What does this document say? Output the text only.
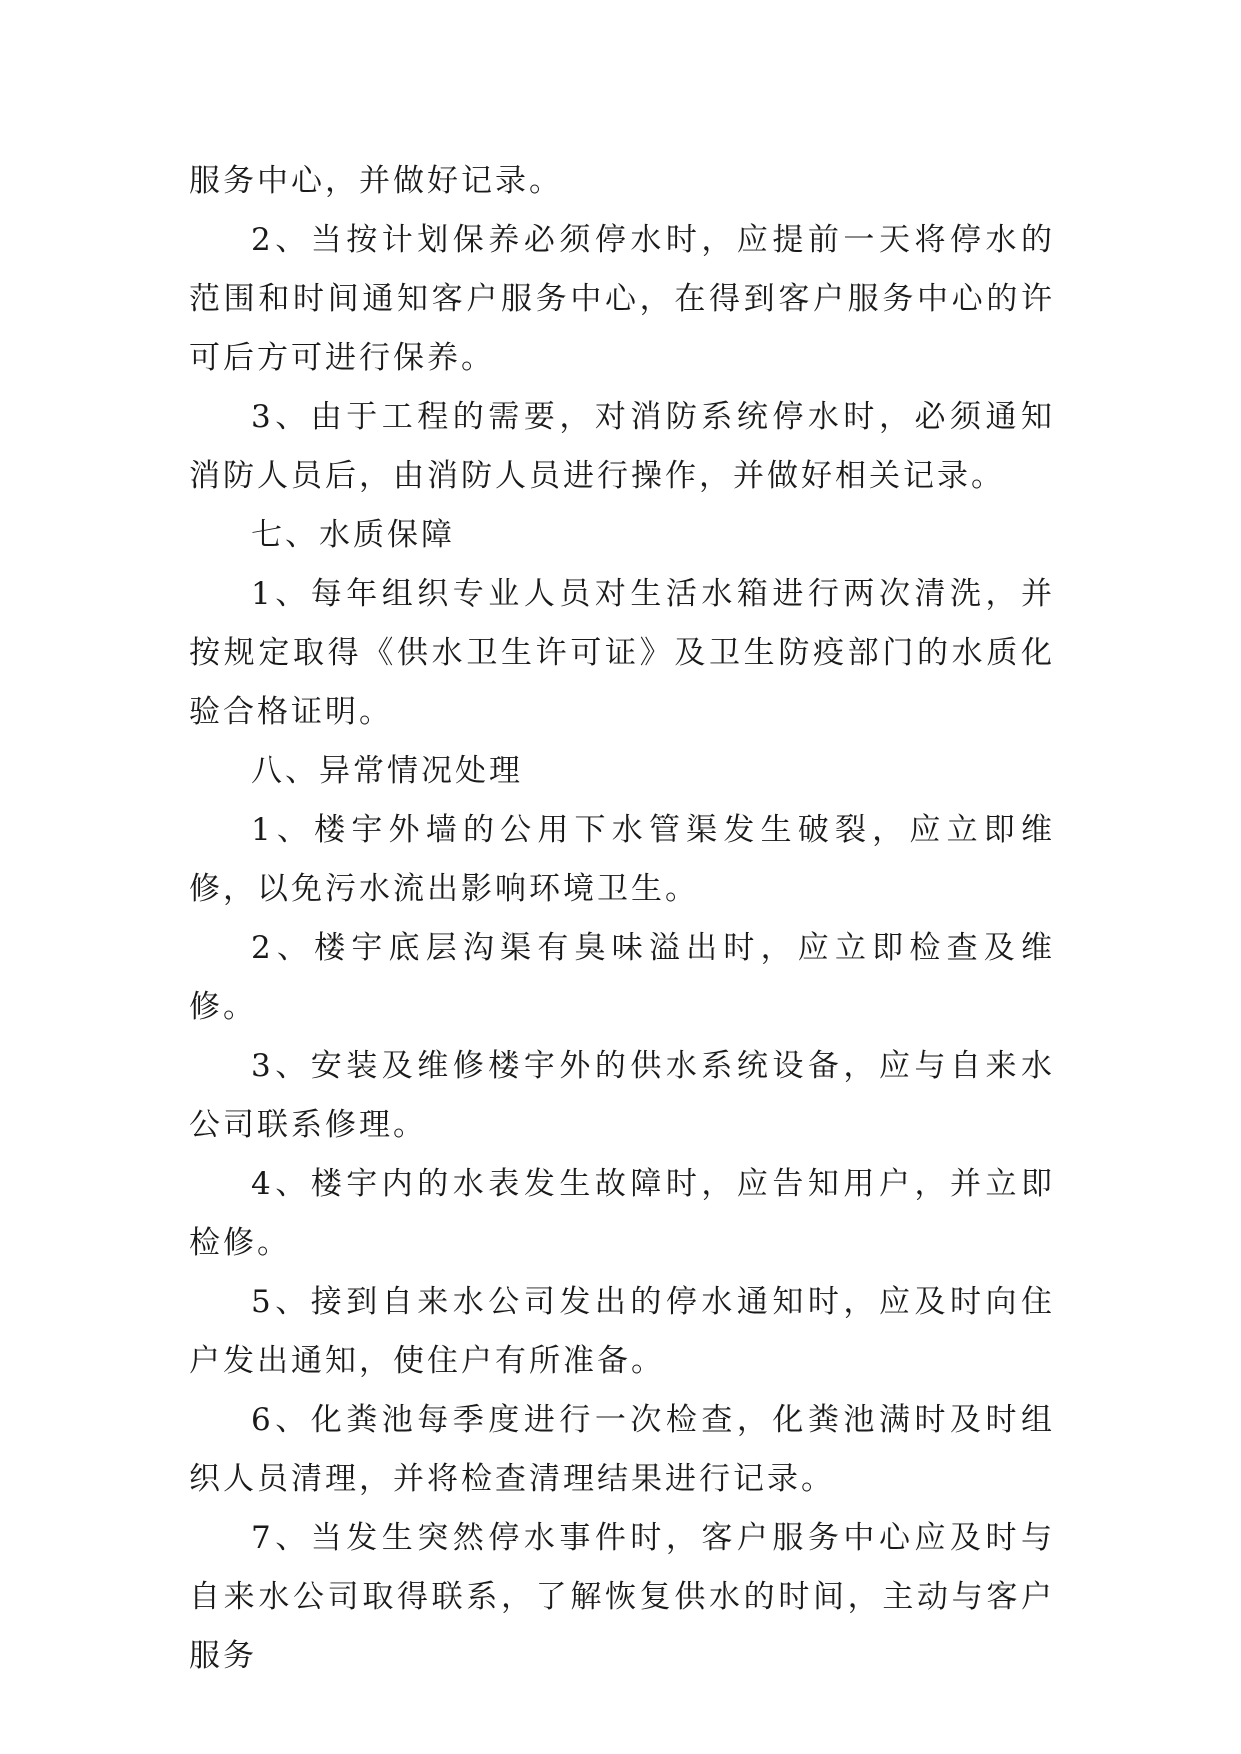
服务中心，并做好记录。

2、当按计划保养必须停水时，应提前一天将停水的范围和时间通知客户服务中心，在得到客户服务中心的许可后方可进行保养。

3、由于工程的需要，对消防系统停水时，必须通知消防人员后，由消防人员进行操作，并做好相关记录。

七、水质保障

1、每年组织专业人员对生活水箱进行两次清洗，并按规定取得《供水卫生许可证》及卫生防疫部门的水质化验合格证明。

八、异常情况处理

1、楼宇外墙的公用下水管渠发生破裂，应立即维修，以免污水流出影响环境卫生。

2、楼宇底层沟渠有臭味溢出时，应立即检查及维修。

3、安装及维修楼宇外的供水系统设备，应与自来水公司联系修理。

4、楼宇内的水表发生故障时，应告知用户，并立即检修。

5、接到自来水公司发出的停水通知时，应及时向住户发出通知，使住户有所准备。

6、化粪池每季度进行一次检查，化粪池满时及时组织人员清理，并将检查清理结果进行记录。

7、当发生突然停水事件时，客户服务中心应及时与自来水公司取得联系，了解恢复供水的时间，主动与客户服务
